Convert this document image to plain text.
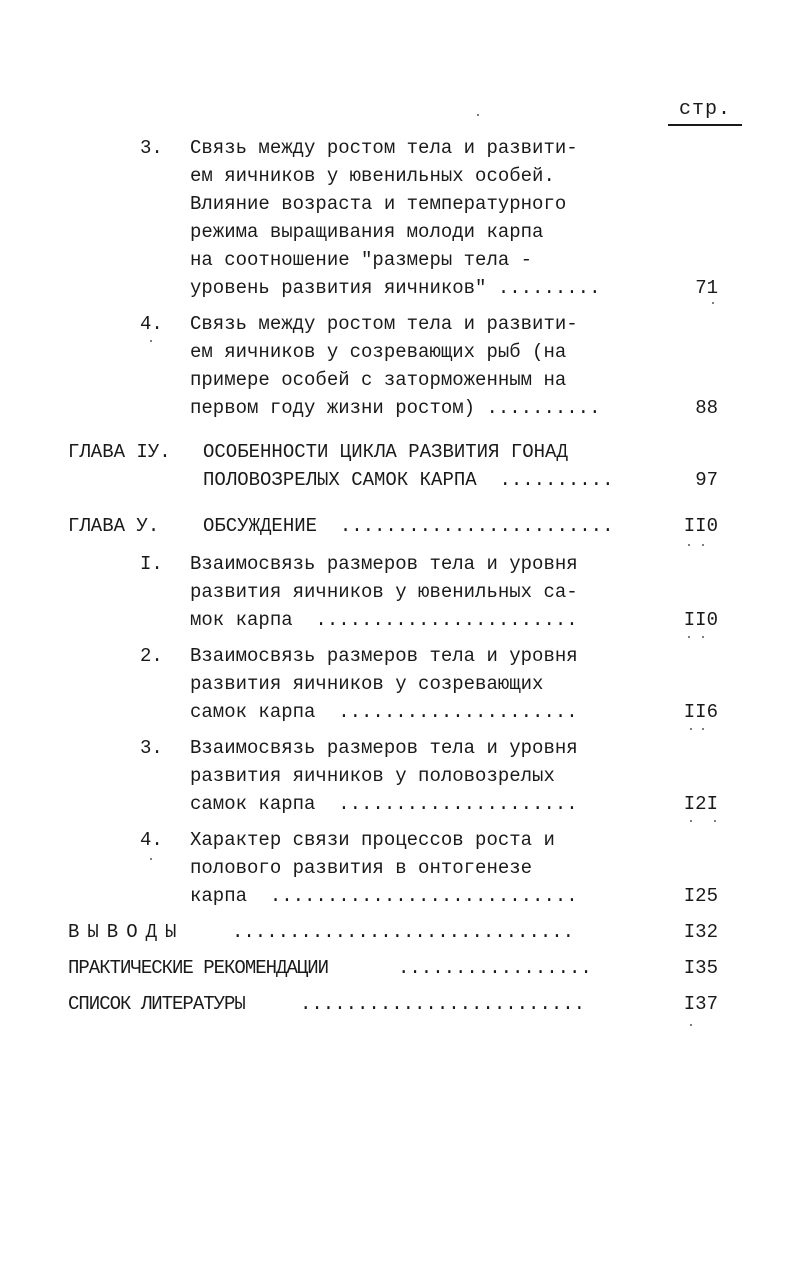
стр.
3. Связь между ростом тела и развити-
ем яичников у ювенильных особей.
Влияние возраста и температурного
режима выращивания молоди карпа
на соотношение "размеры тела -
уровень развития яичников" .........	71
4. Связь между ростом тела и развити-
ем яичников у созревающих рыб (на
примере особей с заторможенным на
первом году жизни ростом) ..........	88
ГЛАВА IУ. ОСОБЕННОСТИ ЦИКЛА РАЗВИТИЯ ГОНАД
ПОЛОВОЗРЕЛЫХ САМОК КАРПА  ..........	97
ГЛАВА У. ОБСУЖДЕНИЕ  ........................	II0
I. Взаимосвязь размеров тела и уровня
развития яичников у ювенильных са-
мок карпа  .......................	II0
2. Взаимосвязь размеров тела и уровня
развития яичников у созревающих
самок карпа  .....................	II6
3. Взаимосвязь размеров тела и уровня
развития яичников у половозрелых
самок карпа  .....................	I2I
4. Характер связи процессов роста и
полового развития в онтогенезе
карпа  ...........................	I25
ВЫВОДЫ	..............................	I32
ПРАКТИЧЕСКИЕ РЕКОМЕНДАЦИИ	.................	I35
СПИСОК ЛИТЕРАТУРЫ	.........................	I37
